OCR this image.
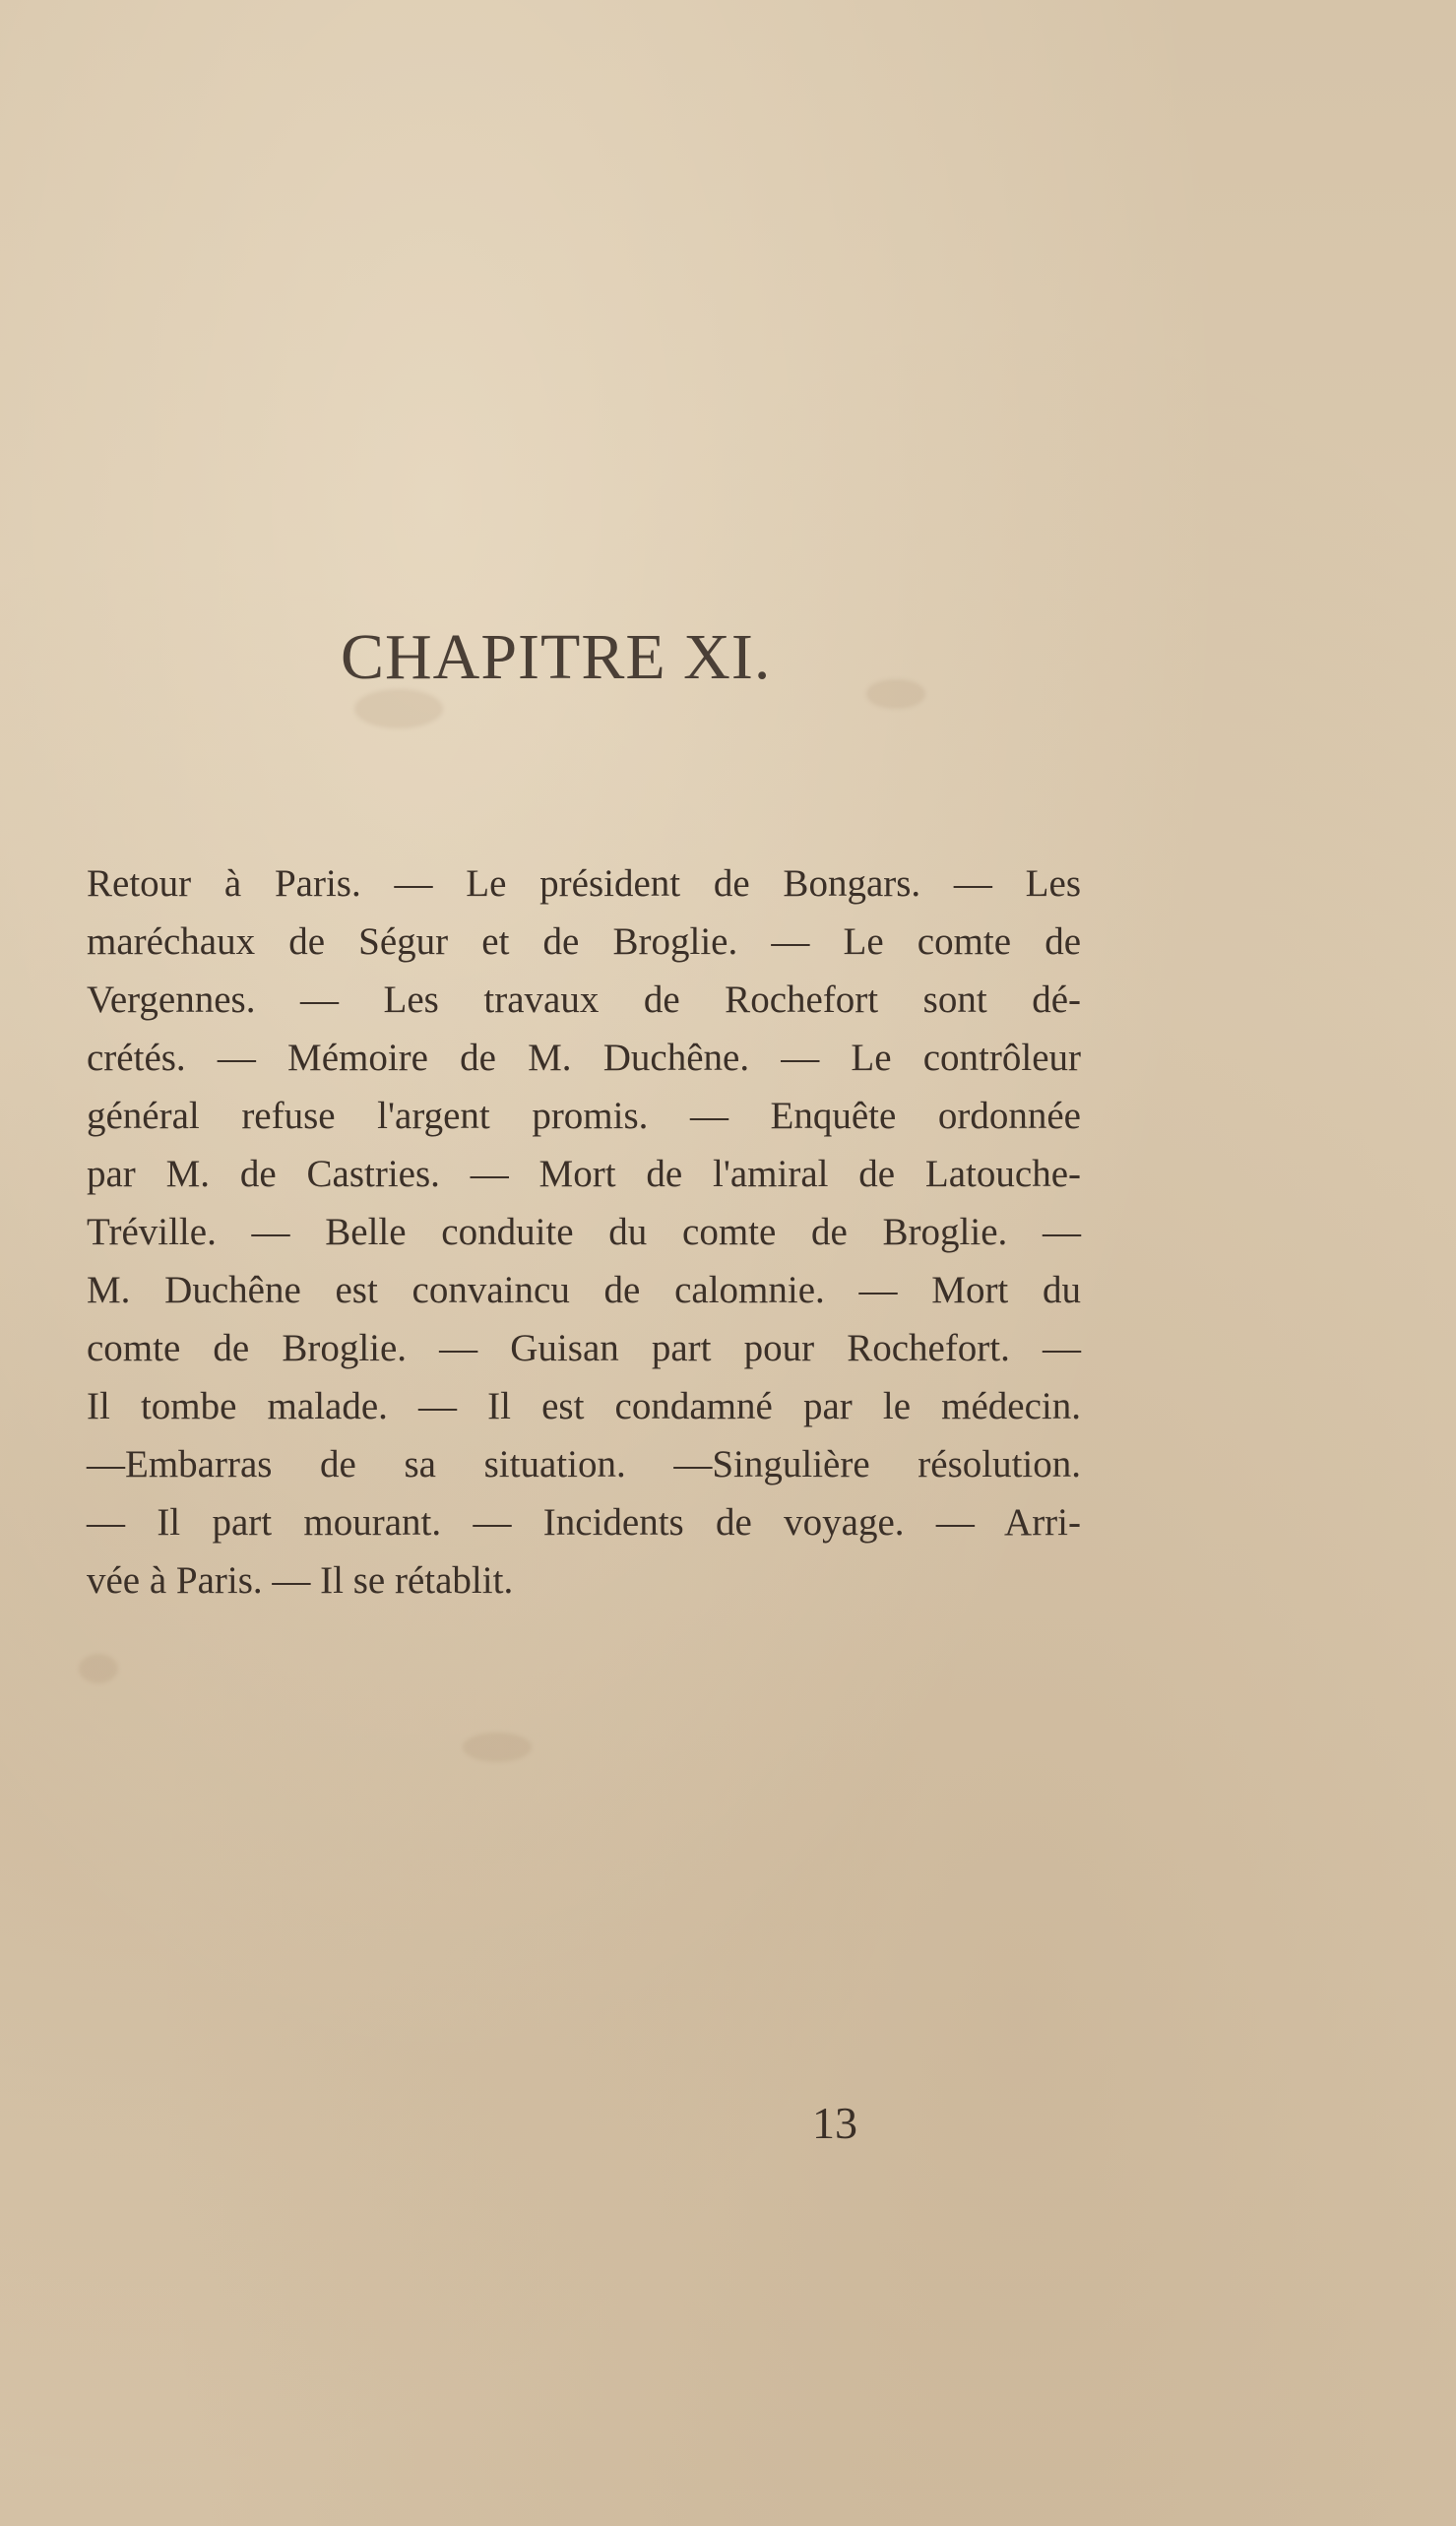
CHAPITRE XI.
Retour à Paris. — Le président de Bongars. — Les
maréchaux de Ségur et de Broglie. — Le comte de
Vergennes. — Les travaux de Rochefort sont dé-
crétés. — Mémoire de M. Duchêne. — Le contrôleur
général refuse l'argent promis. — Enquête ordonnée
par M. de Castries. — Mort de l'amiral de Latouche-
Tréville. — Belle conduite du comte de Broglie. —
M. Duchêne est convaincu de calomnie. — Mort du
comte de Broglie. — Guisan part pour Rochefort. —
Il tombe malade. — Il est condamné par le médecin.
—Embarras de sa situation. —Singulière résolution.
— Il part mourant. — Incidents de voyage. — Arri-
vée à Paris. — Il se rétablit.
13
